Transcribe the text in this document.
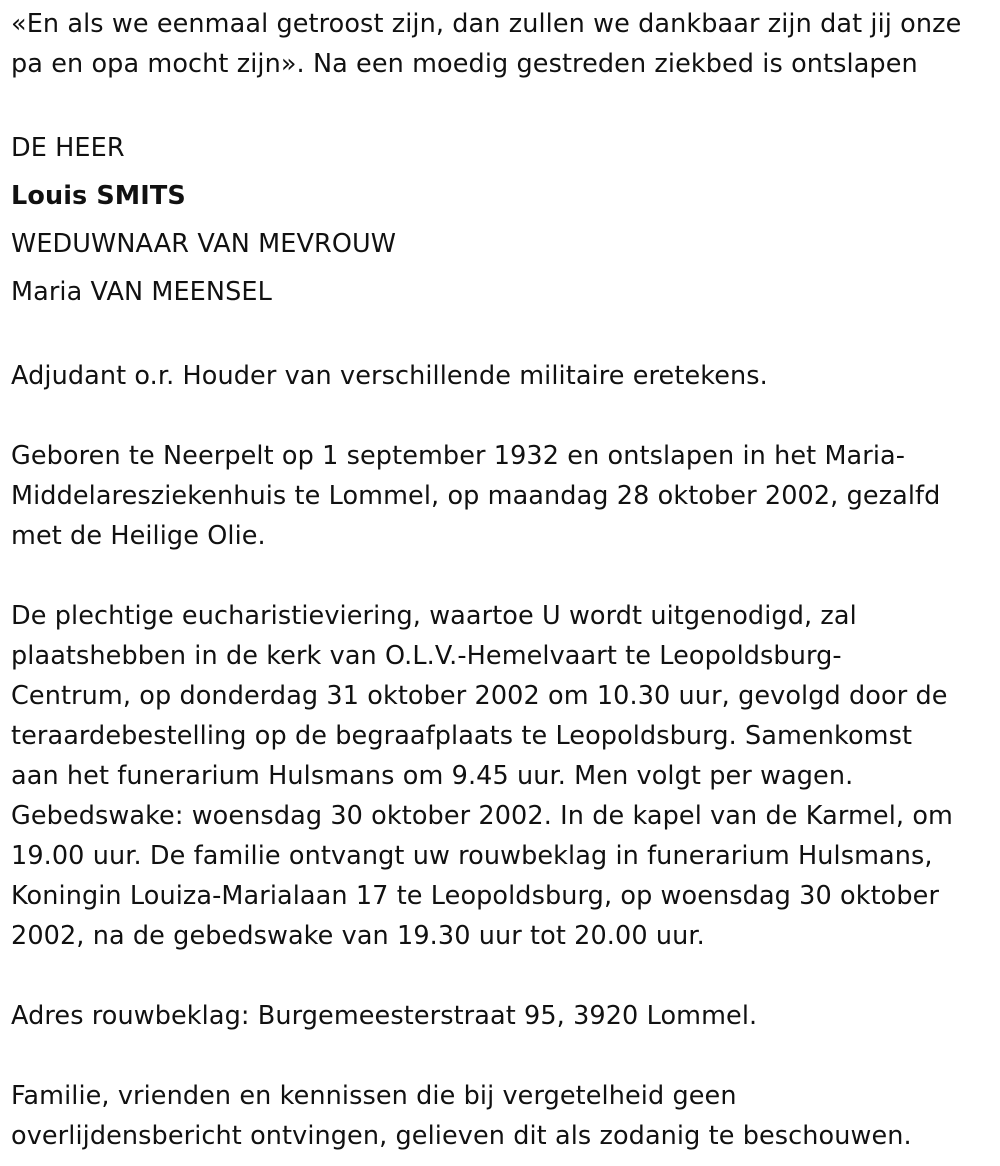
«En als we eenmaal getroost zijn, dan zullen we dankbaar zijn dat jij onze
pa en opa mocht zijn». Na een moedig gestreden ziekbed is ontslapen
DE HEER
Louis SMITS
WEDUWNAAR VAN MEVROUW
Maria VAN MEENSEL
Adjudant o.r. Houder van verschillende militaire eretekens.
Geboren te Neerpelt op 1 september 1932 en ontslapen in het Maria-
Middelaresziekenhuis te Lommel, op maandag 28 oktober 2002, gezalfd
met de Heilige Olie.
De plechtige eucharistieviering, waartoe U wordt uitgenodigd, zal
plaatshebben in de kerk van O.L.V.-Hemelvaart te Leopoldsburg-
Centrum, op donderdag 31 oktober 2002 om 10.30 uur, gevolgd door de
teraardebestelling op de begraafplaats te Leopoldsburg. Samenkomst
aan het funerarium Hulsmans om 9.45 uur. Men volgt per wagen.
Gebedswake: woensdag 30 oktober 2002. In de kapel van de Karmel, om
19.00 uur. De familie ontvangt uw rouwbeklag in funerarium Hulsmans,
Koningin Louiza-Marialaan 17 te Leopoldsburg, op woensdag 30 oktober
2002, na de gebedswake van 19.30 uur tot 20.00 uur.
Adres rouwbeklag: Burgemeesterstraat 95, 3920 Lommel.
Familie, vrienden en kennissen die bij vergetelheid geen
overlijdensbericht ontvingen, gelieven dit als zodanig te beschouwen.
